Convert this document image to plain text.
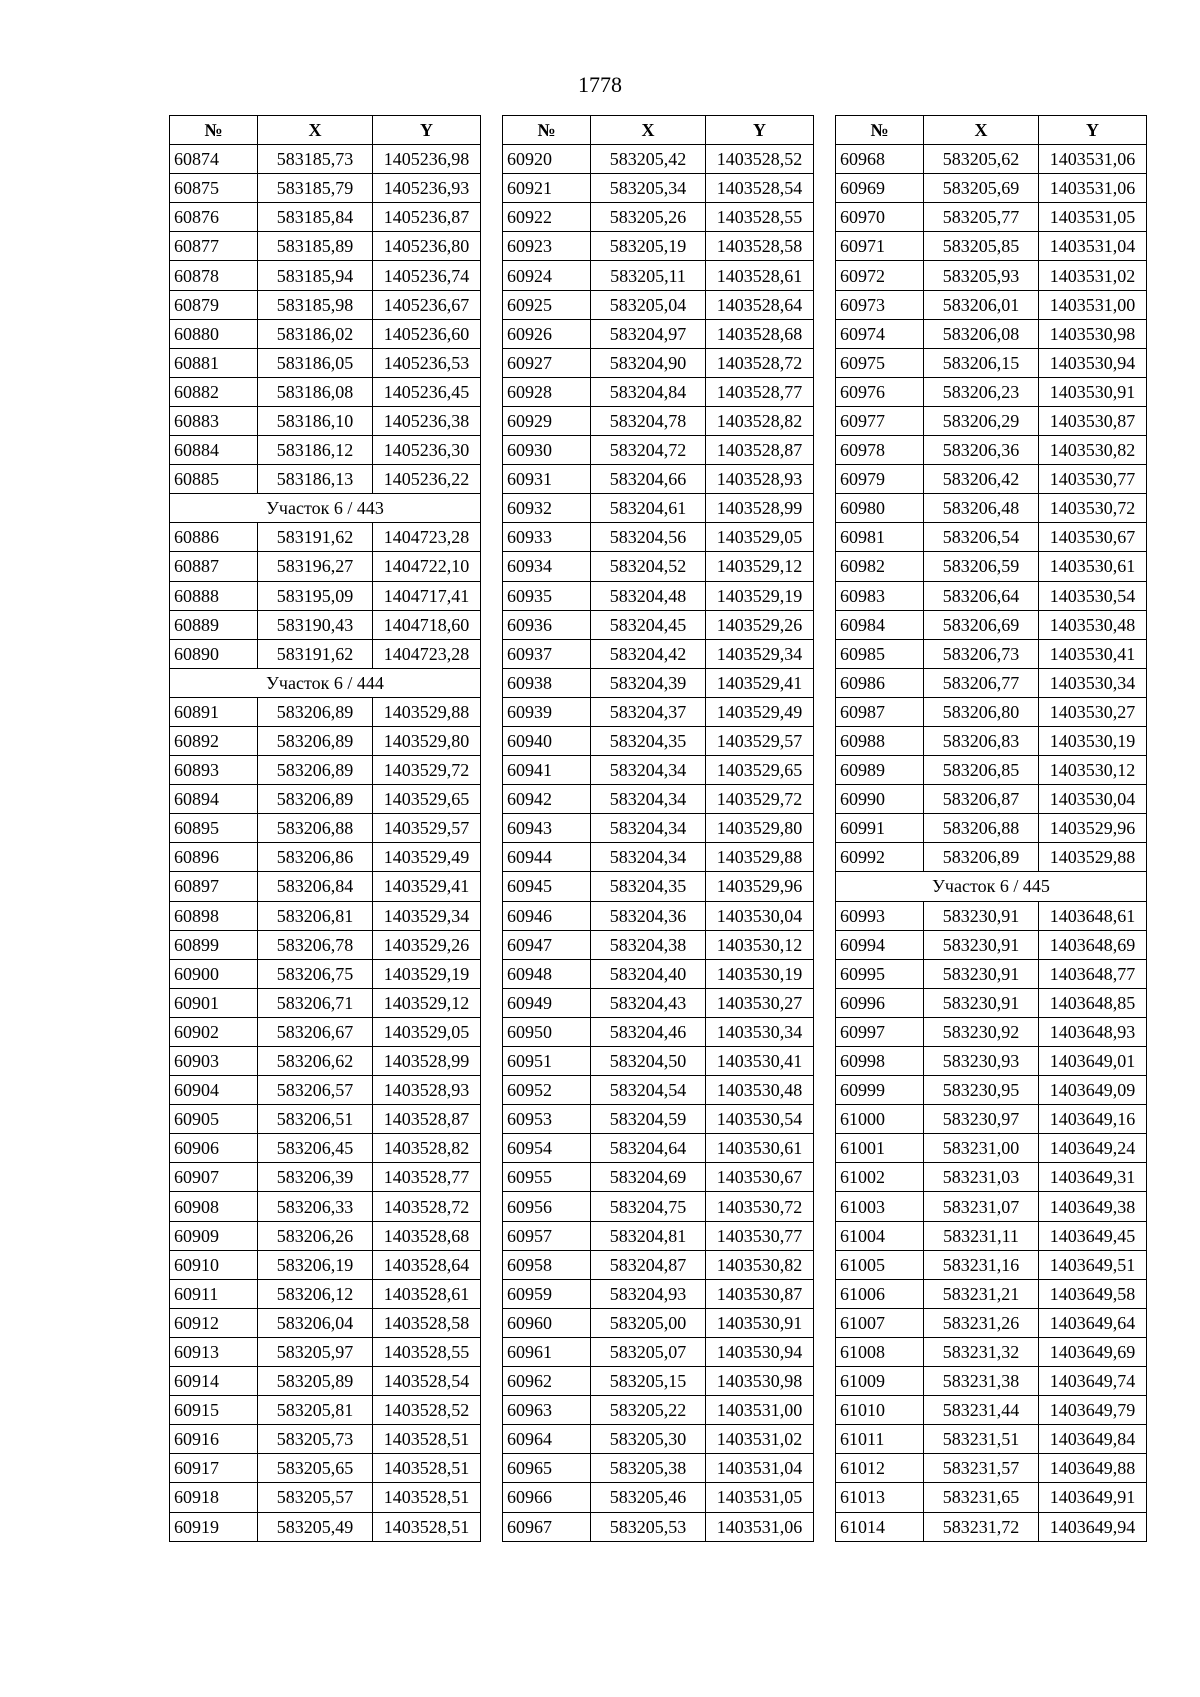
1778
№	X	Y
60874	583185,73	1405236,98
60875	583185,79	1405236,93
60876	583185,84	1405236,87
60877	583185,89	1405236,80
60878	583185,94	1405236,74
60879	583185,98	1405236,67
60880	583186,02	1405236,60
60881	583186,05	1405236,53
60882	583186,08	1405236,45
60883	583186,10	1405236,38
60884	583186,12	1405236,30
60885	583186,13	1405236,22
Участок 6 / 443		
60886	583191,62	1404723,28
60887	583196,27	1404722,10
60888	583195,09	1404717,41
60889	583190,43	1404718,60
60890	583191,62	1404723,28
Участок 6 / 444		
60891	583206,89	1403529,88
60892	583206,89	1403529,80
60893	583206,89	1403529,72
60894	583206,89	1403529,65
60895	583206,88	1403529,57
60896	583206,86	1403529,49
60897	583206,84	1403529,41
60898	583206,81	1403529,34
60899	583206,78	1403529,26
60900	583206,75	1403529,19
60901	583206,71	1403529,12
60902	583206,67	1403529,05
60903	583206,62	1403528,99
60904	583206,57	1403528,93
60905	583206,51	1403528,87
60906	583206,45	1403528,82
60907	583206,39	1403528,77
60908	583206,33	1403528,72
60909	583206,26	1403528,68
60910	583206,19	1403528,64
60911	583206,12	1403528,61
60912	583206,04	1403528,58
60913	583205,97	1403528,55
60914	583205,89	1403528,54
60915	583205,81	1403528,52
60916	583205,73	1403528,51
60917	583205,65	1403528,51
60918	583205,57	1403528,51
60919	583205,49	1403528,51
№	X	Y
60920	583205,42	1403528,52
60921	583205,34	1403528,54
60922	583205,26	1403528,55
60923	583205,19	1403528,58
60924	583205,11	1403528,61
60925	583205,04	1403528,64
60926	583204,97	1403528,68
60927	583204,90	1403528,72
60928	583204,84	1403528,77
60929	583204,78	1403528,82
60930	583204,72	1403528,87
60931	583204,66	1403528,93
60932	583204,61	1403528,99
60933	583204,56	1403529,05
60934	583204,52	1403529,12
60935	583204,48	1403529,19
60936	583204,45	1403529,26
60937	583204,42	1403529,34
60938	583204,39	1403529,41
60939	583204,37	1403529,49
60940	583204,35	1403529,57
60941	583204,34	1403529,65
60942	583204,34	1403529,72
60943	583204,34	1403529,80
60944	583204,34	1403529,88
60945	583204,35	1403529,96
60946	583204,36	1403530,04
60947	583204,38	1403530,12
60948	583204,40	1403530,19
60949	583204,43	1403530,27
60950	583204,46	1403530,34
60951	583204,50	1403530,41
60952	583204,54	1403530,48
60953	583204,59	1403530,54
60954	583204,64	1403530,61
60955	583204,69	1403530,67
60956	583204,75	1403530,72
60957	583204,81	1403530,77
60958	583204,87	1403530,82
60959	583204,93	1403530,87
60960	583205,00	1403530,91
60961	583205,07	1403530,94
60962	583205,15	1403530,98
60963	583205,22	1403531,00
60964	583205,30	1403531,02
60965	583205,38	1403531,04
60966	583205,46	1403531,05
60967	583205,53	1403531,06
№	X	Y
60968	583205,62	1403531,06
60969	583205,69	1403531,06
60970	583205,77	1403531,05
60971	583205,85	1403531,04
60972	583205,93	1403531,02
60973	583206,01	1403531,00
60974	583206,08	1403530,98
60975	583206,15	1403530,94
60976	583206,23	1403530,91
60977	583206,29	1403530,87
60978	583206,36	1403530,82
60979	583206,42	1403530,77
60980	583206,48	1403530,72
60981	583206,54	1403530,67
60982	583206,59	1403530,61
60983	583206,64	1403530,54
60984	583206,69	1403530,48
60985	583206,73	1403530,41
60986	583206,77	1403530,34
60987	583206,80	1403530,27
60988	583206,83	1403530,19
60989	583206,85	1403530,12
60990	583206,87	1403530,04
60991	583206,88	1403529,96
60992	583206,89	1403529,88
Участок 6 / 445		
60993	583230,91	1403648,61
60994	583230,91	1403648,69
60995	583230,91	1403648,77
60996	583230,91	1403648,85
60997	583230,92	1403648,93
60998	583230,93	1403649,01
60999	583230,95	1403649,09
61000	583230,97	1403649,16
61001	583231,00	1403649,24
61002	583231,03	1403649,31
61003	583231,07	1403649,38
61004	583231,11	1403649,45
61005	583231,16	1403649,51
61006	583231,21	1403649,58
61007	583231,26	1403649,64
61008	583231,32	1403649,69
61009	583231,38	1403649,74
61010	583231,44	1403649,79
61011	583231,51	1403649,84
61012	583231,57	1403649,88
61013	583231,65	1403649,91
61014	583231,72	1403649,94
